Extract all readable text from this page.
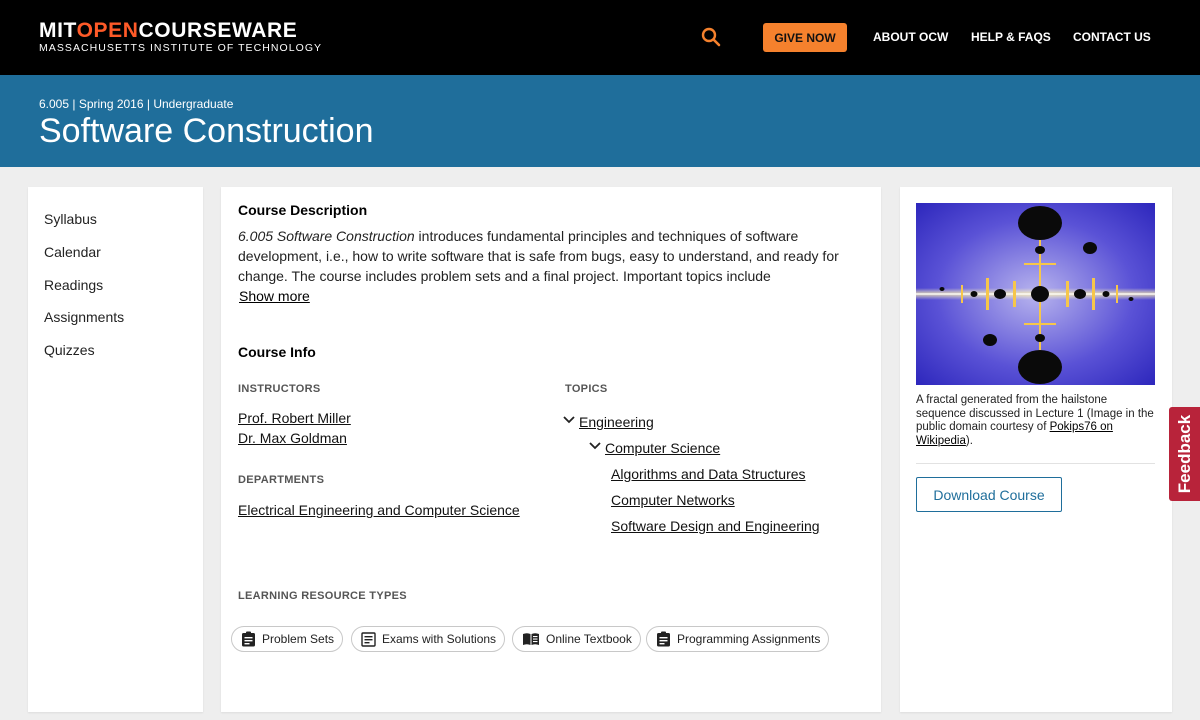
MITOPENCOURSEWARE
MASSACHUSETTS INSTITUTE OF TECHNOLOGY
GIVE NOW	ABOUT OCW HELP & FAQS CONTACT US
6.005 | Spring 2016 | Undergraduate
Software Construction
Syllabus
Calendar
Readings
Assignments
Quizzes
Course Description
6.005 Software Construction introduces fundamental principles and techniques of software development, i.e., how to write software that is safe from bugs, easy to understand, and ready for change. The course includes problem sets and a final project. Important topics include
Show more
Course Info
INSTRUCTORS
Prof. Robert Miller
Dr. Max Goldman
DEPARTMENTS
Electrical Engineering and Computer Science
TOPICS
Engineering
Computer Science
Algorithms and Data Structures
Computer Networks
Software Design and Engineering
LEARNING RESOURCE TYPES
Problem Sets	Exams with Solutions	Online Textbook	Programming Assignments
A fractal generated from the hailstone sequence discussed in Lecture 1 (Image in the public domain courtesy of Pokips76 on Wikipedia).
Download Course
Feedback
